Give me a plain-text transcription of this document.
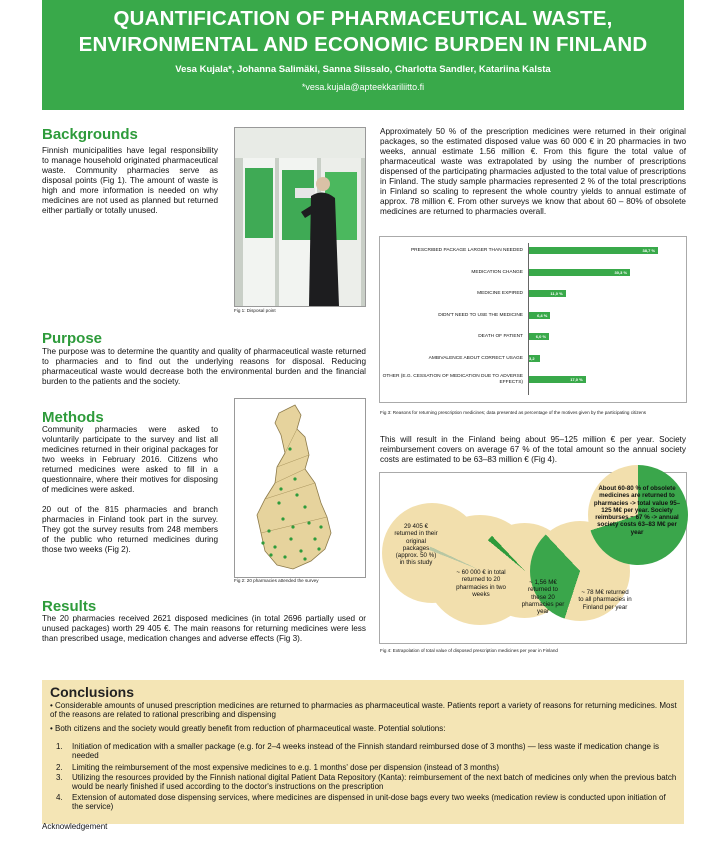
QUANTIFICATION OF PHARMACEUTICAL WASTE,
ENVIRONMENTAL AND ECONOMIC BURDEN IN FINLAND
Vesa Kujala*, Johanna Salimäki, Sanna Siissalo, Charlotta Sandler, Katariina Kalsta
*vesa.kujala@apteekkariliitto.fi
Backgrounds
Finnish municipalities have legal responsibility to manage household originated pharmaceutical waste. Community pharmacies serve as disposal points (Fig 1). The amount of waste is high and more information is needed on why medicines are not used as planned but returned either partially or totally unused.
Fig 1: Disposal point
Purpose
The purpose was to determine the quantity and quality of pharmaceutical waste returned to pharmacies and to find out the underlying reasons for disposal. Reducing pharmaceutical waste would decrease both the environmental burden and the financial burden to the patients and the society.
Methods
Community pharmacies were asked to voluntarily participate to the survey and list all medicines returned in their original packages for two weeks in February 2016. Citizens who returned medicines were asked to fill in a questionnaire, where their motives for disposing of medicines were asked.
20 out of the 815 pharmacies and branch pharmacies in Finland took part in the survey. They got the survey results from 248 members of the public who returned medicines during those two weeks (Fig 2).
Fig 2: 20 pharmacies attended the survey
Results
The 20 pharmacies received 2621 disposed medicines (in total 2696 partially used or unused packages) worth 29 405 €. The main reasons for returning medicines were less than prescribed usage, medication changes and adverse effects (Fig 3).
Approximately 50 % of the prescription medicines were returned in their original packages, so the estimated disposed value was 60 000 € in 20 pharmacies in two weeks, annual estimate 1.56 million €. From this figure the total value of pharmaceutical waste was extrapolated by using the number of prescriptions dispensed of the participating pharmacies adjusted to the total value of prescriptions in Finland. The study sample pharmacies represented 2 % of the total prescriptions in Finland so scaling to represent the whole country yields to annual estimate of approx. 78 million €. From other surveys we know that about 60 – 80% of obsolete medicines are returned to pharmacies overall.
PRESCRIBED PACKAGE LARGER THAN NEEDED	38,7 %
MEDICATION CHANGE	30,3 %
MEDICINE EXPIRED	11,0 %
DIDN'T NEED TO USE THE MEDICINE	6,4 %
DEATH OF PATIENT	6,0 %
AMBIVALENCE ABOUT CORRECT USAGE 3,2 %
OTHER (E.G. CESSATION OF MEDICATION DUE TO ADVERSE EFFECTS)
17,0 %
Fig 3: Reasons for returning prescription medicines; data presented as percentage of the motives given by the participating citizens
This will result in the Finland being about 95–125 million € per year. Society reimbursement covers on average 67 % of the total amount so the annual society costs are estimated to be 63–83 million € (Fig 4).
29 405 € returned in their original packages (approx. 50 %) in this study
~ 60 000 € in total returned to 20 pharmacies in two weeks
~ 1,56 M€ returned to these 20 pharmacies per year
~ 78 M€ returned to all pharmacies in Finland per year
About 60-80 % of obsolete medicines are returned to pharmacies -> total value 95–125 M€ per year. Society reimburses ~ 67 % -> annual society costs 63–83 M€ per year
Fig 4: Extrapolation of total value of disposed prescription medicines per year in Finland
Conclusions
• Considerable amounts of unused prescription medicines are returned to pharmacies as pharmaceutical waste. Patients report a variety of reasons for returning medicines. Most of the reasons are related to rational prescribing and dispensing
• Both citizens and the society would greatly benefit from reduction of pharmaceutical waste. Potential solutions:
1.	Initiation of medication with a smaller package (e.g. for 2–4 weeks instead of the Finnish standard reimbursed dose of 3 months) — less waste if medication change is needed
2.	Limiting the reimbursement of the most expensive medicines to e.g. 1 months' dose per dispension (instead of 3 months)
3.	Utilizing the resources provided by the Finnish national digital Patient Data Repository (Kanta): reimbursement of the next batch of medicines only when the previous batch would be nearly finished if used according to the doctor's instructions on the prescription
4.	Extension of automated dose dispensing services, where medicines are dispensed in unit-dose bags every two weeks (medication review is conducted upon initiation of the service)
Acknowledgement
